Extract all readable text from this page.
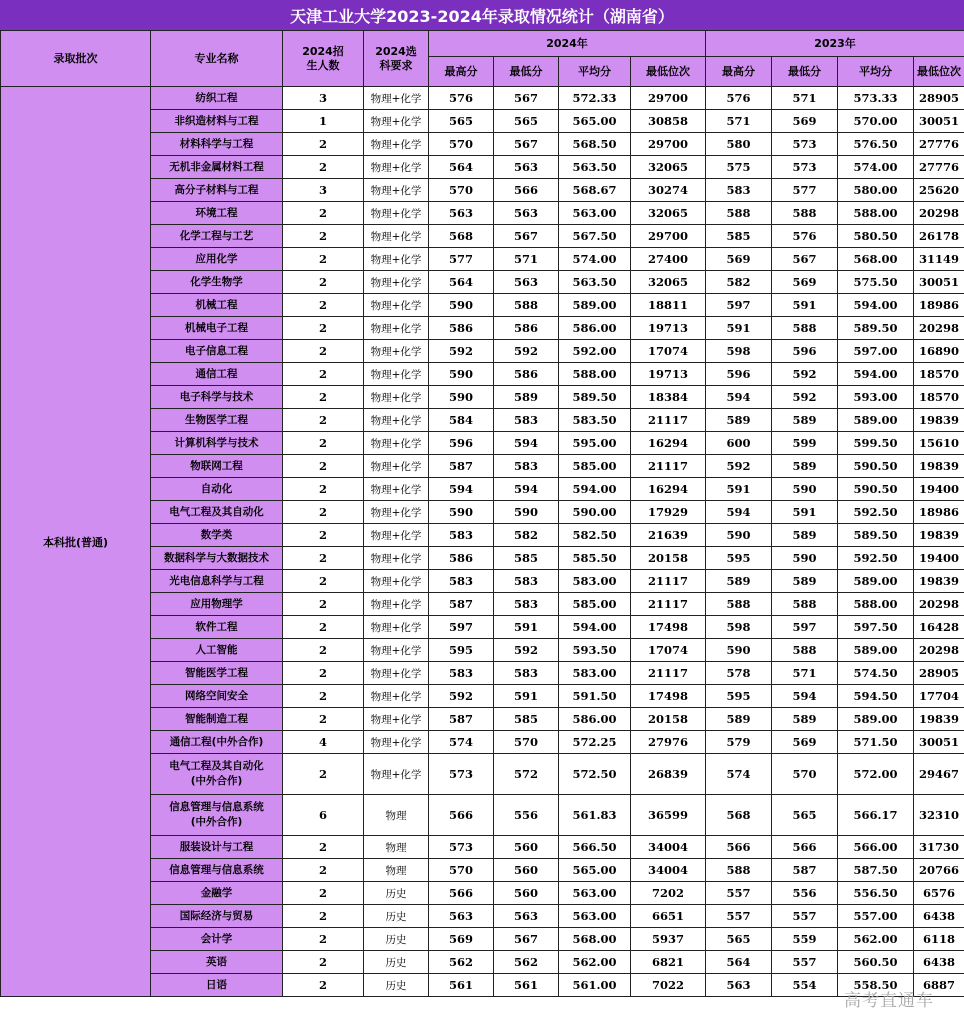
天津工业大学2023-2024年录取情况统计（湖南省）
录取批次	专业名称	2024招生人数	2024选科要求	2024年				2023年			
				最高分	最低分	平均分	最低位次	最高分	最低分	平均分	最低位次
本科批(普通)	纺织工程	3	物理+化学	576	567	572.33	29700	576	571	573.33	28905
	非织造材料与工程	1	物理+化学	565	565	565.00	30858	571	569	570.00	30051
	材料科学与工程	2	物理+化学	570	567	568.50	29700	580	573	576.50	27776
	无机非金属材料工程	2	物理+化学	564	563	563.50	32065	575	573	574.00	27776
	高分子材料与工程	3	物理+化学	570	566	568.67	30274	583	577	580.00	25620
	环境工程	2	物理+化学	563	563	563.00	32065	588	588	588.00	20298
	化学工程与工艺	2	物理+化学	568	567	567.50	29700	585	576	580.50	26178
	应用化学	2	物理+化学	577	571	574.00	27400	569	567	568.00	31149
	化学生物学	2	物理+化学	564	563	563.50	32065	582	569	575.50	30051
	机械工程	2	物理+化学	590	588	589.00	18811	597	591	594.00	18986
	机械电子工程	2	物理+化学	586	586	586.00	19713	591	588	589.50	20298
	电子信息工程	2	物理+化学	592	592	592.00	17074	598	596	597.00	16890
	通信工程	2	物理+化学	590	586	588.00	19713	596	592	594.00	18570
	电子科学与技术	2	物理+化学	590	589	589.50	18384	594	592	593.00	18570
	生物医学工程	2	物理+化学	584	583	583.50	21117	589	589	589.00	19839
	计算机科学与技术	2	物理+化学	596	594	595.00	16294	600	599	599.50	15610
	物联网工程	2	物理+化学	587	583	585.00	21117	592	589	590.50	19839
	自动化	2	物理+化学	594	594	594.00	16294	591	590	590.50	19400
	电气工程及其自动化	2	物理+化学	590	590	590.00	17929	594	591	592.50	18986
	数学类	2	物理+化学	583	582	582.50	21639	590	589	589.50	19839
	数据科学与大数据技术	2	物理+化学	586	585	585.50	20158	595	590	592.50	19400
	光电信息科学与工程	2	物理+化学	583	583	583.00	21117	589	589	589.00	19839
	应用物理学	2	物理+化学	587	583	585.00	21117	588	588	588.00	20298
	软件工程	2	物理+化学	597	591	594.00	17498	598	597	597.50	16428
	人工智能	2	物理+化学	595	592	593.50	17074	590	588	589.00	20298
	智能医学工程	2	物理+化学	583	583	583.00	21117	578	571	574.50	28905
	网络空间安全	2	物理+化学	592	591	591.50	17498	595	594	594.50	17704
	智能制造工程	2	物理+化学	587	585	586.00	20158	589	589	589.00	19839
	通信工程(中外合作)	4	物理+化学	574	570	572.25	27976	579	569	571.50	30051
	电气工程及其自动化
(中外合作)	2	物理+化学	573	572	572.50	26839	574	570	572.00	29467
	信息管理与信息系统
(中外合作)	6	物理	566	556	561.83	36599	568	565	566.17	32310
	服装设计与工程	2	物理	573	560	566.50	34004	566	566	566.00	31730
	信息管理与信息系统	2	物理	570	560	565.00	34004	588	587	587.50	20766
	金融学	2	历史	566	560	563.00	7202	557	556	556.50	6576
	国际经济与贸易	2	历史	563	563	563.00	6651	557	557	557.00	6438
	会计学	2	历史	569	567	568.00	5937	565	559	562.00	6118
	英语	2	历史	562	562	562.00	6821	564	557	560.50	6438
	日语	2	历史	561	561	561.00	7022	563	554	558.50	6887
高考直通车
